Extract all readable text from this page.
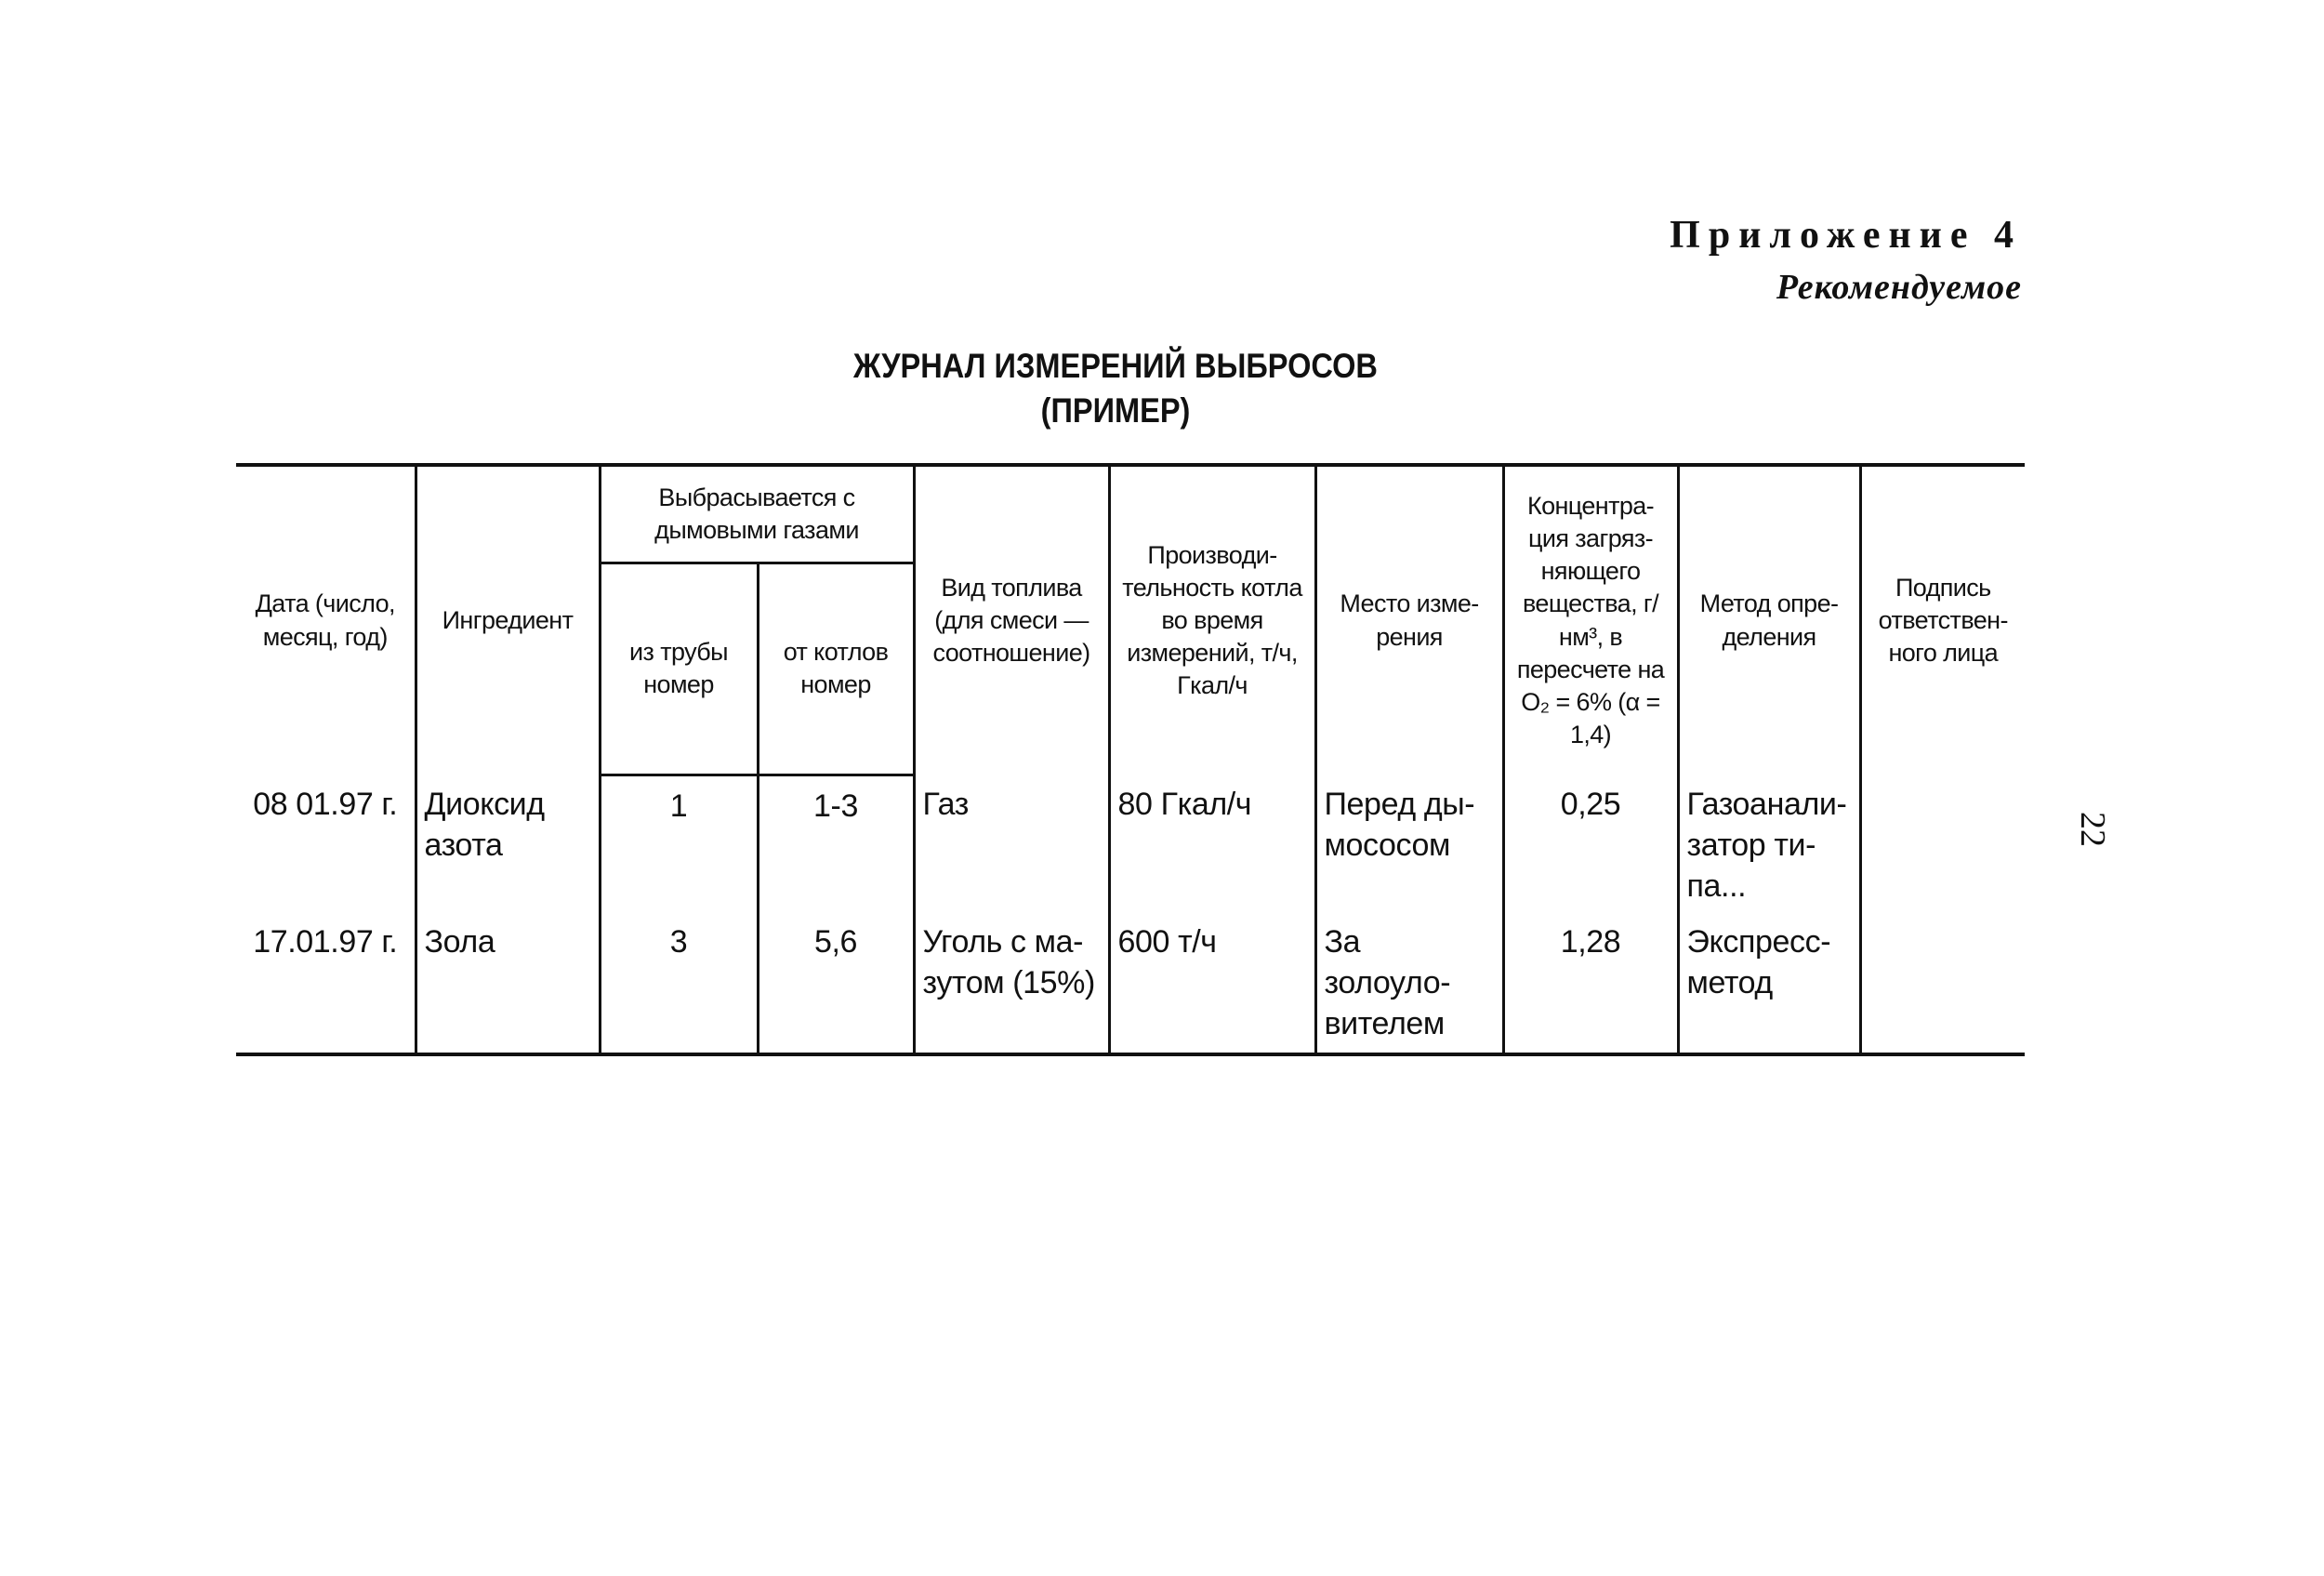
Приложение 4
Рекомендуемое
ЖУРНАЛ ИЗМЕРЕНИЙ ВЫБРОСОВ
(ПРИМЕР)
Дата (число, месяц, год)	Ингредиент	Выбрасывается с дымовыми газами		Вид топлива (для смеси — соотношение)	Производи- тельность котла во время измерений, т/ч, Гкал/ч	Место изме- рения	Концентра- ция загряз- няющего вещества, г/нм³, в пересчете на O₂ = 6% (α = 1,4)	Метод опре- деления	Подпись ответствен- ного лица
		из трубы номер	от котлов номер						
08 01.97 г.	Диоксид азота	1	1-3	Газ	80 Гкал/ч	Перед ды- мососом	0,25	Газоанали- затор ти- па...	
17.01.97 г.	Зола	3	5,6	Уголь с ма- зутом (15%)	600 т/ч	За золоуло- вителем	1,28	Экспресс- метод	
22
